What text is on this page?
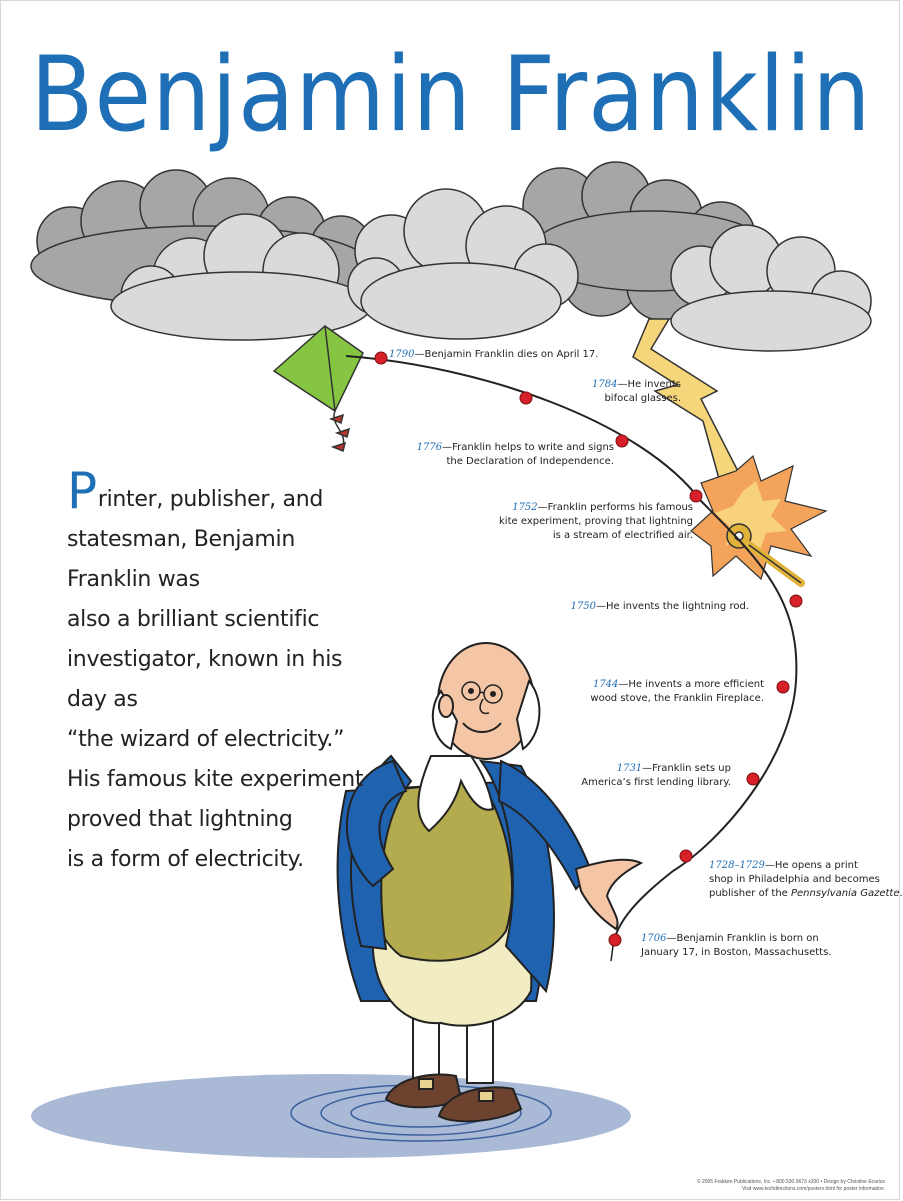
Benjamin Franklin

Printer, publisher, and
statesman, Benjamin Franklin was
also a brilliant scientific
investigator, known in his day as
“the wizard of electricity.”
His famous kite experiment
proved that lightning
is a form of electricity.

1790—Benjamin Franklin dies on April 17.
1784—He invents
bifocal glasses.
1776—Franklin helps to write and signs
the Declaration of Independence.
1752—Franklin performs his famous
kite experiment, proving that lightning
is a stream of electrified air.
1750—He invents the lightning rod.
1744—He invents a more efficient
wood stove, the Franklin Fireplace.
1731—Franklin sets up
America’s first lending library.
1728–1729—He opens a print
shop in Philadelphia and becomes
publisher of the Pennsylvania Gazette.
1706—Benjamin Franklin is born on
January 17, in Boston, Massachusetts.
© 2005 Frakken Publications, Inc. • 800.530.9673 x200 • Design by Christine Ecarius
Visit www.techdirections.com/posters.html for poster information.
